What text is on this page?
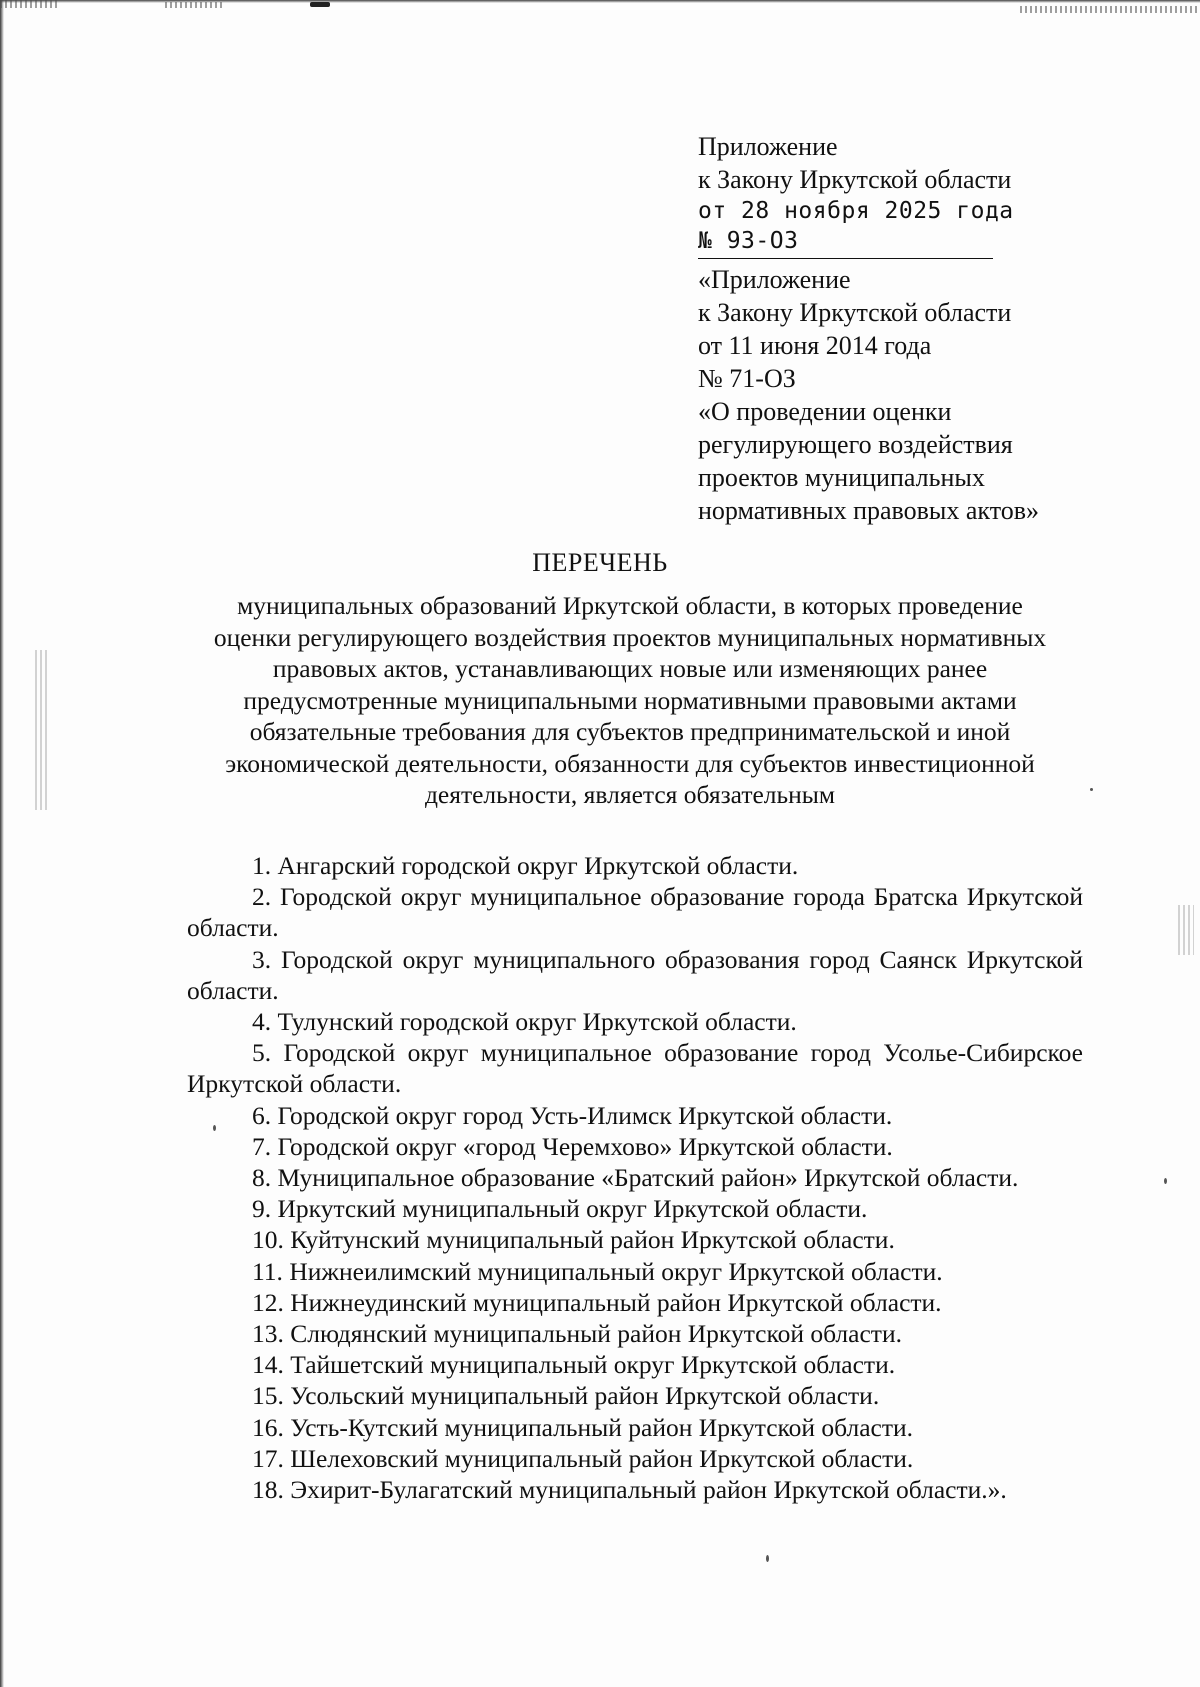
Приложение
к Закону Иркутской области
от 28 ноября 2025 года
№ 93-ОЗ
«Приложение
к Закону Иркутской области
от 11 июня 2014 года
№ 71-ОЗ
«О проведении оценки
регулирующего воздействия
проектов муниципальных
нормативных правовых актов»
ПЕРЕЧЕНЬ
муниципальных образований Иркутской области, в которых проведение
оценки регулирующего воздействия проектов муниципальных нормативных
правовых актов, устанавливающих новые или изменяющих ранее
предусмотренные муниципальными нормативными правовыми актами
обязательные требования для субъектов предпринимательской и иной
экономической деятельности, обязанности для субъектов инвестиционной
деятельности, является обязательным
1. Ангарский городской округ Иркутской области.
2. Городской округ муниципальное образование города Братска Иркутской области.
3. Городской округ муниципального образования город Саянск Иркутской области.
4. Тулунский городской округ Иркутской области.
5. Городской округ муниципальное образование город Усолье-Сибирское Иркутской области.
6. Городской округ город Усть-Илимск Иркутской области.
7. Городской округ «город Черемхово» Иркутской области.
8. Муниципальное образование «Братский район» Иркутской области.
9. Иркутский муниципальный округ Иркутской области.
10. Куйтунский муниципальный район Иркутской области.
11. Нижнеилимский муниципальный округ Иркутской области.
12. Нижнеудинский муниципальный район Иркутской области.
13. Слюдянский муниципальный район Иркутской области.
14. Тайшетский муниципальный округ Иркутской области.
15. Усольский муниципальный район Иркутской области.
16. Усть-Кутский муниципальный район Иркутской области.
17. Шелеховский муниципальный район Иркутской области.
18. Эхирит-Булагатский муниципальный район Иркутской области.».
